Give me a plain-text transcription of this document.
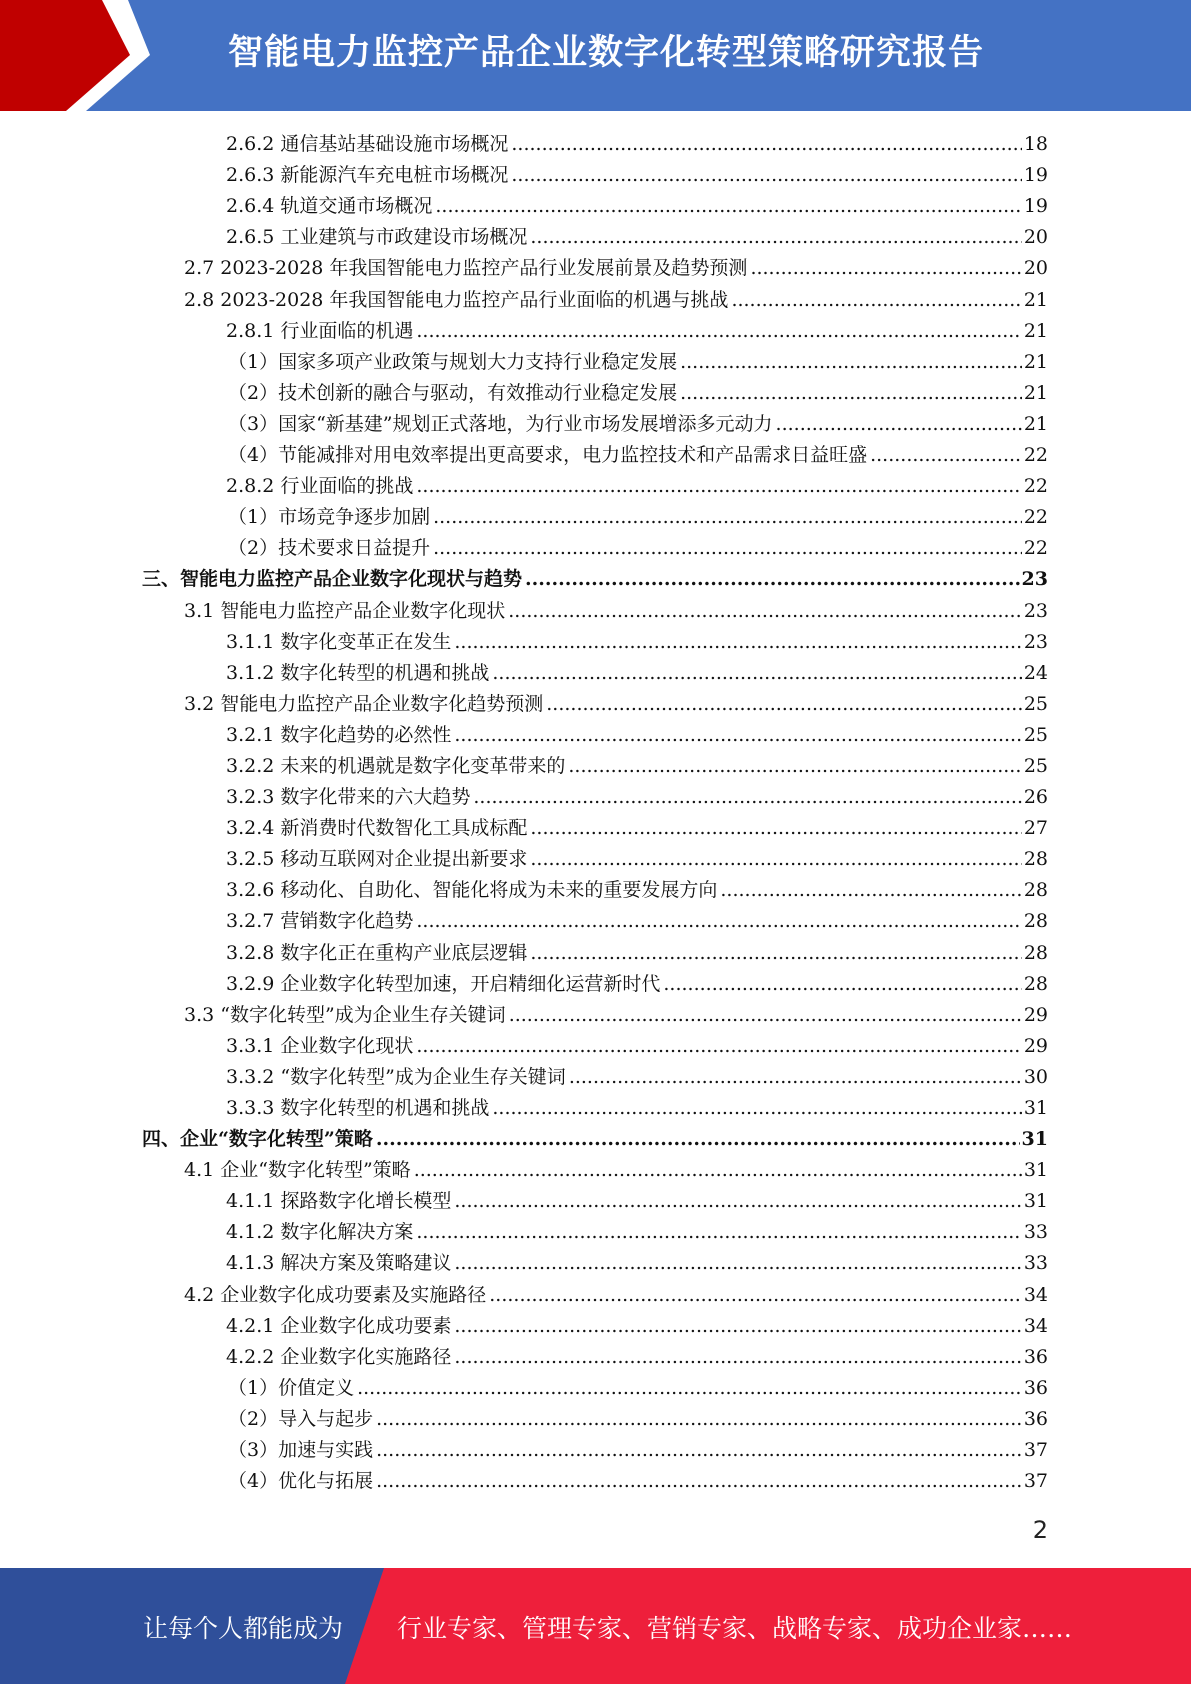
智能电力监控产品企业数字化转型策略研究报告
2.6.2 通信基站基础设施市场概况 .....	18
2.6.3 新能源汽车充电桩市场概况 .....	19
2.6.4 轨道交通市场概况 .....	19
2.6.5 工业建筑与市政建设市场概况 .....	20
2.7 2023-2028 年我国智能电力监控产品行业发展前景及趋势预测 .....	20
2.8 2023-2028 年我国智能电力监控产品行业面临的机遇与挑战 .....	21
2.8.1 行业面临的机遇 .....	21
（1）国家多项产业政策与规划大力支持行业稳定发展 .....	21
（2）技术创新的融合与驱动，有效推动行业稳定发展 .....	21
（3）国家“新基建”规划正式落地，为行业市场发展增添多元动力 .....	21
（4）节能减排对用电效率提出更高要求，电力监控技术和产品需求日益旺盛 .....	22
2.8.2 行业面临的挑战 .....	22
（1）市场竞争逐步加剧 .....	22
（2）技术要求日益提升 .....	22
三、智能电力监控产品企业数字化现状与趋势 .....	23
3.1 智能电力监控产品企业数字化现状 .....	23
3.1.1 数字化变革正在发生 .....	23
3.1.2 数字化转型的机遇和挑战 .....	24
3.2 智能电力监控产品企业数字化趋势预测 .....	25
3.2.1 数字化趋势的必然性 .....	25
3.2.2 未来的机遇就是数字化变革带来的 .....	25
3.2.3 数字化带来的六大趋势 .....	26
3.2.4 新消费时代数智化工具成标配 .....	27
3.2.5 移动互联网对企业提出新要求 .....	28
3.2.6 移动化、自助化、智能化将成为未来的重要发展方向 .....	28
3.2.7 营销数字化趋势 .....	28
3.2.8 数字化正在重构产业底层逻辑 .....	28
3.2.9 企业数字化转型加速，开启精细化运营新时代 .....	28
3.3 “数字化转型”成为企业生存关键词 .....	29
3.3.1 企业数字化现状 .....	29
3.3.2 “数字化转型”成为企业生存关键词 .....	30
3.3.3 数字化转型的机遇和挑战 .....	31
四、企业“数字化转型”策略 .....	31
4.1 企业“数字化转型”策略 .....	31
4.1.1 探路数字化增长模型 .....	31
4.1.2 数字化解决方案 .....	33
4.1.3 解决方案及策略建议 .....	33
4.2 企业数字化成功要素及实施路径 .....	34
4.2.1 企业数字化成功要素 .....	34
4.2.2 企业数字化实施路径 .....	36
（1）价值定义 .....	36
（2）导入与起步 .....	36
（3）加速与实践 .....	37
（4）优化与拓展 .....	37
2
让每个人都能成为 行业专家、管理专家、营销专家、战略专家、成功企业家……
